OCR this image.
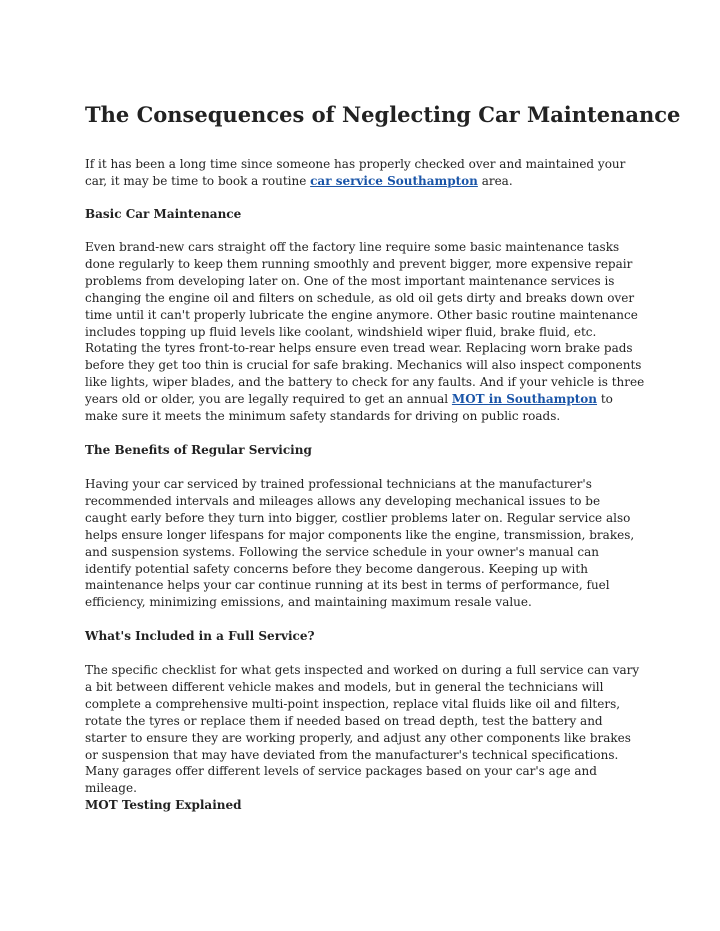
The Consequences of Neglecting Car Maintenance

If it has been a long time since someone has properly checked over and maintained your car, it may be time to book a routine car service Southampton area.

Basic Car Maintenance

Even brand-new cars straight off the factory line require some basic maintenance tasks done regularly to keep them running smoothly and prevent bigger, more expensive repair problems from developing later on. One of the most important maintenance services is changing the engine oil and filters on schedule, as old oil gets dirty and breaks down over time until it can't properly lubricate the engine anymore. Other basic routine maintenance includes topping up fluid levels like coolant, windshield wiper fluid, brake fluid, etc. Rotating the tyres front-to-rear helps ensure even tread wear. Replacing worn brake pads before they get too thin is crucial for safe braking. Mechanics will also inspect components like lights, wiper blades, and the battery to check for any faults. And if your vehicle is three years old or older, you are legally required to get an annual MOT in Southampton to make sure it meets the minimum safety standards for driving on public roads.

The Benefits of Regular Servicing

Having your car serviced by trained professional technicians at the manufacturer's recommended intervals and mileages allows any developing mechanical issues to be caught early before they turn into bigger, costlier problems later on. Regular service also helps ensure longer lifespans for major components like the engine, transmission, brakes, and suspension systems. Following the service schedule in your owner's manual can identify potential safety concerns before they become dangerous. Keeping up with maintenance helps your car continue running at its best in terms of performance, fuel efficiency, minimizing emissions, and maintaining maximum resale value.

What's Included in a Full Service?

The specific checklist for what gets inspected and worked on during a full service can vary a bit between different vehicle makes and models, but in general the technicians will complete a comprehensive multi-point inspection, replace vital fluids like oil and filters, rotate the tyres or replace them if needed based on tread depth, test the battery and starter to ensure they are working properly, and adjust any other components like brakes or suspension that may have deviated from the manufacturer's technical specifications. Many garages offer different levels of service packages based on your car's age and mileage.

MOT Testing Explained
